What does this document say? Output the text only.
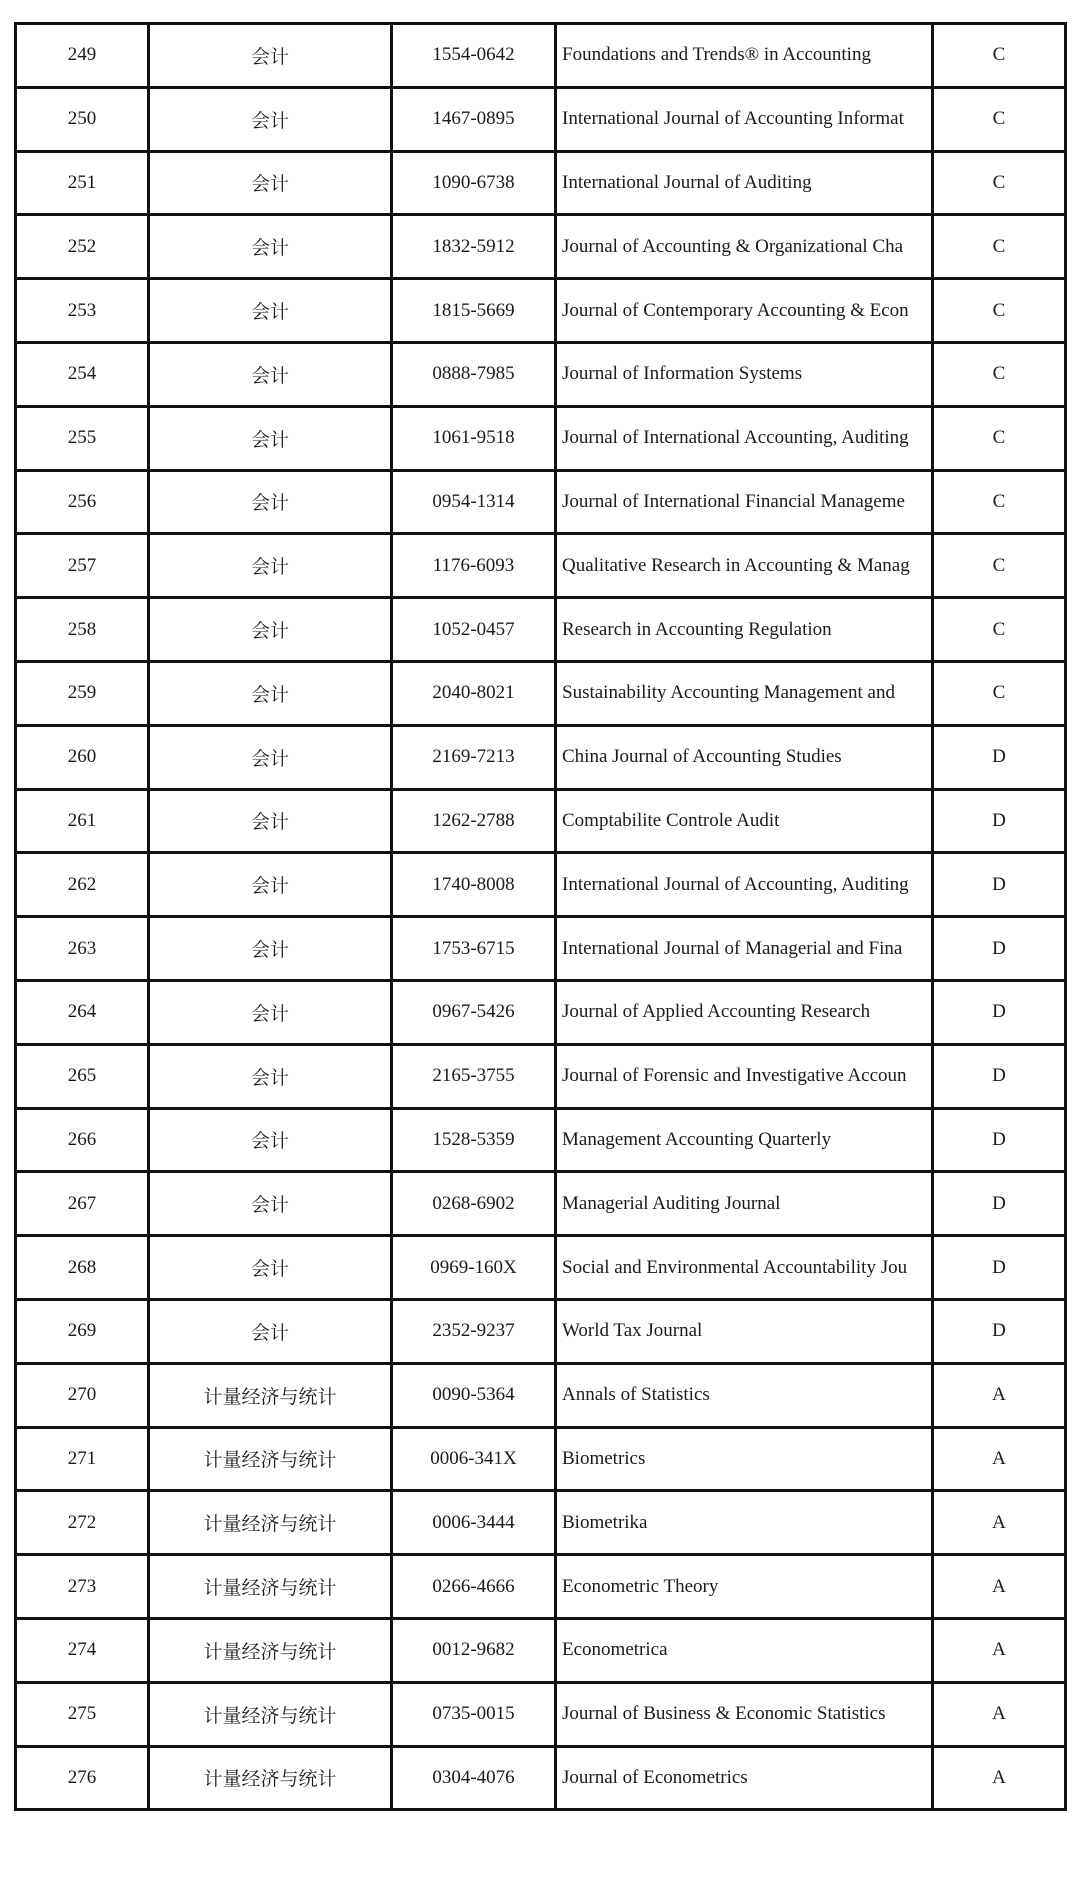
249	会计	1554-0642	Foundations and Trends® in Accounting	C
250	会计	1467-0895	International Journal of Accounting Informat	C
251	会计	1090-6738	International Journal of Auditing	C
252	会计	1832-5912	Journal of Accounting & Organizational Cha	C
253	会计	1815-5669	Journal of Contemporary Accounting & Econ	C
254	会计	0888-7985	Journal of Information Systems	C
255	会计	1061-9518	Journal of International Accounting, Auditing	C
256	会计	0954-1314	Journal of International Financial Manageme	C
257	会计	1176-6093	Qualitative Research in Accounting & Manag	C
258	会计	1052-0457	Research in Accounting Regulation	C
259	会计	2040-8021	Sustainability Accounting Management and	C
260	会计	2169-7213	China Journal of Accounting Studies	D
261	会计	1262-2788	Comptabilite Controle Audit	D
262	会计	1740-8008	International Journal of Accounting, Auditing	D
263	会计	1753-6715	International Journal of Managerial and Fina	D
264	会计	0967-5426	Journal of Applied Accounting Research	D
265	会计	2165-3755	Journal of Forensic and Investigative Accoun	D
266	会计	1528-5359	Management Accounting Quarterly	D
267	会计	0268-6902	Managerial Auditing Journal	D
268	会计	0969-160X	Social and Environmental Accountability Jou	D
269	会计	2352-9237	World Tax Journal	D
270	计量经济与统计	0090-5364	Annals of Statistics	A
271	计量经济与统计	0006-341X	Biometrics	A
272	计量经济与统计	0006-3444	Biometrika	A
273	计量经济与统计	0266-4666	Econometric Theory	A
274	计量经济与统计	0012-9682	Econometrica	A
275	计量经济与统计	0735-0015	Journal of Business & Economic Statistics	A
276	计量经济与统计	0304-4076	Journal of Econometrics	A
